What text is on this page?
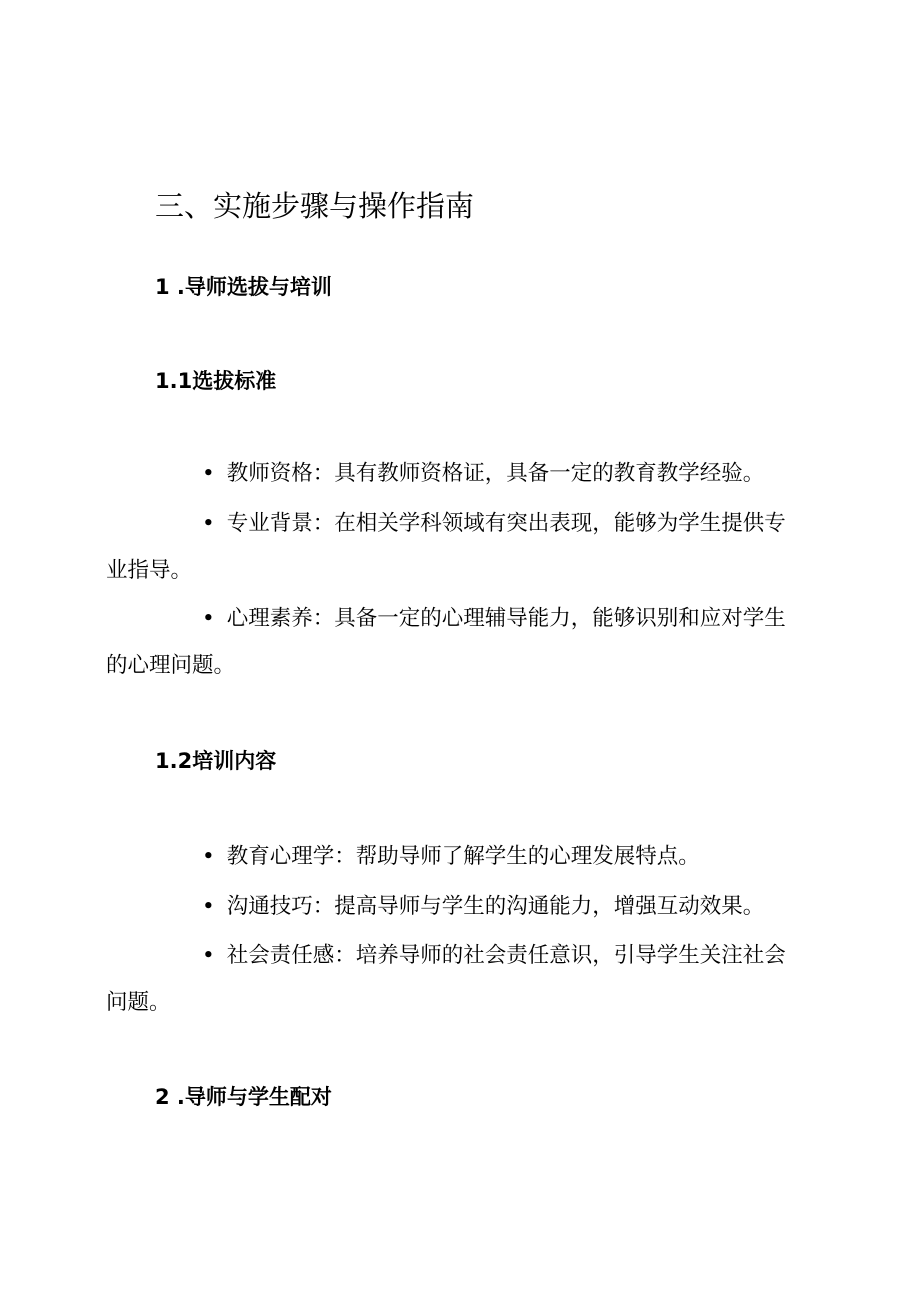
三、实施步骤与操作指南
1 .导师选拔与培训
1.1选拔标准

• 教师资格：具有教师资格证，具备一定的教育教学经验。

• 专业背景：在相关学科领域有突出表现，能够为学生提供专业指导。

• 心理素养：具备一定的心理辅导能力，能够识别和应对学生的心理问题。

1.2培训内容

• 教育心理学：帮助导师了解学生的心理发展特点。

• 沟通技巧：提高导师与学生的沟通能力，增强互动效果。

• 社会责任感：培养导师的社会责任意识，引导学生关注社会问题。

2 .导师与学生配对
